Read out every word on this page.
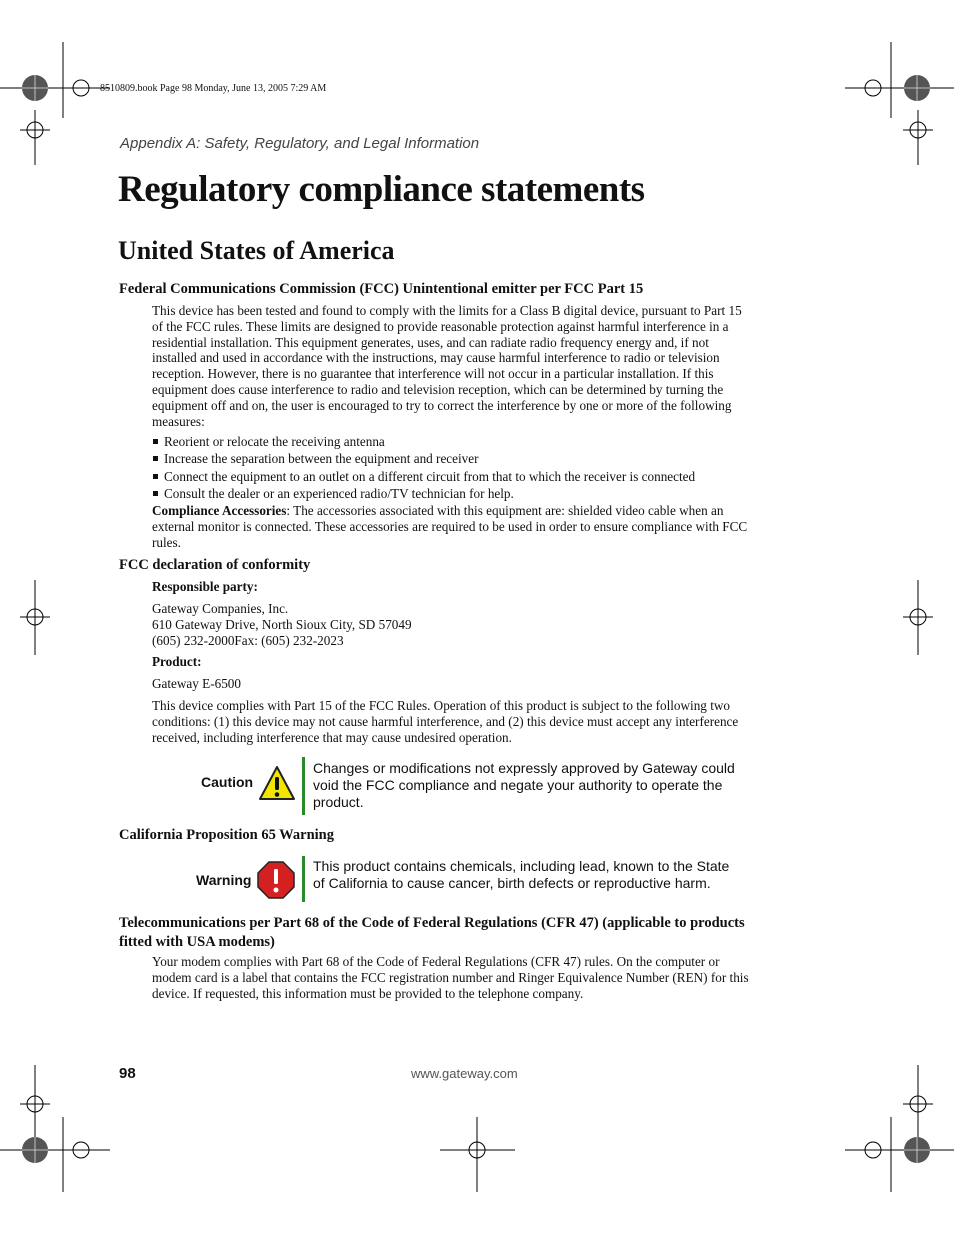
8510809.book Page 98 Monday, June 13, 2005 7:29 AM
Appendix A: Safety, Regulatory, and Legal Information
Regulatory compliance statements
United States of America
Federal Communications Commission (FCC) Unintentional emitter per FCC Part 15
This device has been tested and found to comply with the limits for a Class B digital device, pursuant to Part 15
of the FCC rules. These limits are designed to provide reasonable protection against harmful interference in a
residential installation. This equipment generates, uses, and can radiate radio frequency energy and, if not
installed and used in accordance with the instructions, may cause harmful interference to radio or television
reception. However, there is no guarantee that interference will not occur in a particular installation. If this
equipment does cause interference to radio and television reception, which can be determined by turning the
equipment off and on, the user is encouraged to try to correct the interference by one or more of the following
measures:
Reorient or relocate the receiving antenna
Increase the separation between the equipment and receiver
Connect the equipment to an outlet on a different circuit from that to which the receiver is connected
Consult the dealer or an experienced radio/TV technician for help.
Compliance Accessories: The accessories associated with this equipment are: shielded video cable when an
external monitor is connected. These accessories are required to be used in order to ensure compliance with FCC
rules.
FCC declaration of conformity
Responsible party:
Gateway Companies, Inc.
610 Gateway Drive, North Sioux City, SD 57049
(605) 232-2000Fax: (605) 232-2023
Product:
Gateway E-6500
This device complies with Part 15 of the FCC Rules. Operation of this product is subject to the following two
conditions: (1) this device may not cause harmful interference, and (2) this device must accept any interference
received, including interference that may cause undesired operation.
Caution
Changes or modifications not expressly approved by Gateway could
void the FCC compliance and negate your authority to operate the
product.
California Proposition 65 Warning
Warning
This product contains chemicals, including lead, known to the State
of California to cause cancer, birth defects or reproductive harm.
Telecommunications per Part 68 of the Code of Federal Regulations (CFR 47) (applicable to products
fitted with USA modems)
Your modem complies with Part 68 of the Code of Federal Regulations (CFR 47) rules. On the computer or
modem card is a label that contains the FCC registration number and Ringer Equivalence Number (REN) for this
device. If requested, this information must be provided to the telephone company.
98	www.gateway.com
